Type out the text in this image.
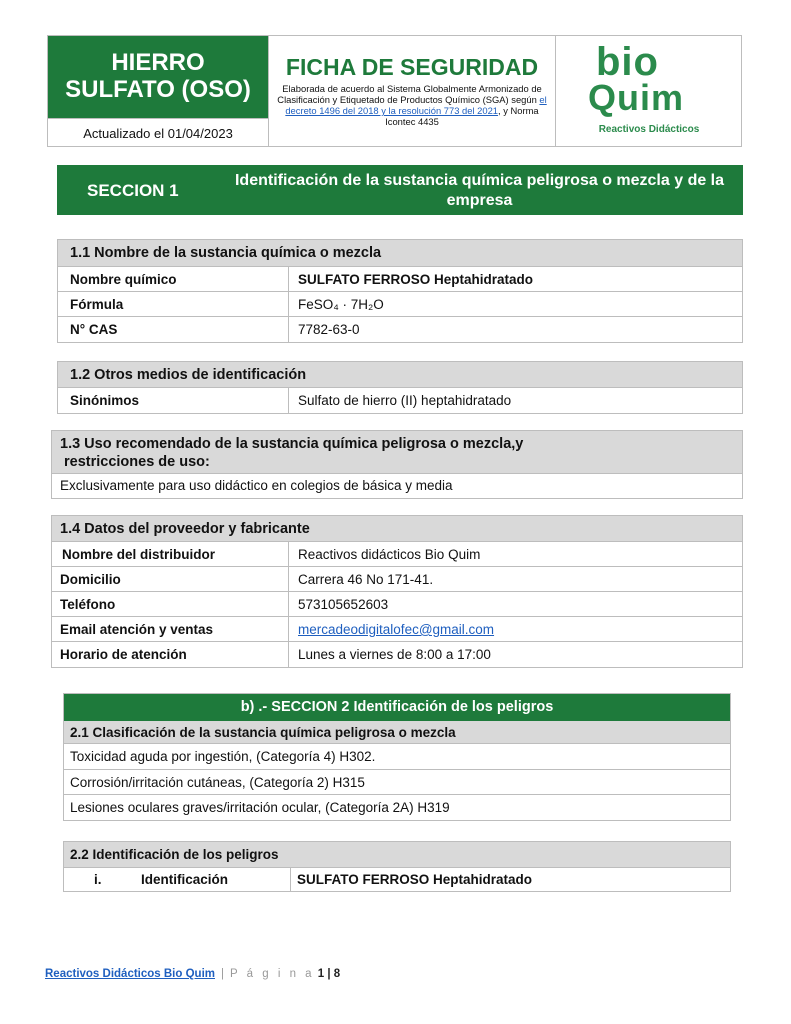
HIERRO
SULFATO (OSO)
Actualizado el 01/04/2023
FICHA DE SEGURIDAD
Elaborada de acuerdo al Sistema Globalmente Armonizado de Clasificación y Etiquetado de Productos Químico (SGA) según el decreto 1496 del 2018 y la resolución 773 del 2021, y Norma Icontec 4435
bio
Quim
Reactivos Didácticos
SECCION 1
Identificación de la sustancia química peligrosa o mezcla y de la empresa
1.1 Nombre de la sustancia química o mezcla
Nombre químico	SULFATO FERROSO Heptahidratado
Fórmula	FeSO₄ · 7H₂O
N° CAS	7782-63-0
1.2 Otros medios de identificación
Sinónimos	Sulfato de hierro (II) heptahidratado
1.3 Uso recomendado de la sustancia química peligrosa o mezcla,y
restricciones de uso:
Exclusivamente para uso didáctico en colegios de básica y media
1.4 Datos del proveedor y fabricante
Nombre del distribuidor	Reactivos didácticos Bio Quim
Domicilio	Carrera 46 No 171-41.
Teléfono	573105652603
Email atención y ventas	mercadeodigitalofec@gmail.com
Horario de atención	Lunes a viernes de 8:00 a 17:00
b) .- SECCION 2 Identificación de los peligros
2.1 Clasificación de la sustancia química peligrosa o mezcla
Toxicidad aguda por ingestión, (Categoría 4) H302.
Corrosión/irritación cutáneas, (Categoría 2) H315
Lesiones oculares graves/irritación ocular, (Categoría 2A) H319
2.2 Identificación de los peligros
i.	Identificación	SULFATO FERROSO Heptahidratado
Reactivos Didácticos Bio Quim | P á g i n a 1 | 8
